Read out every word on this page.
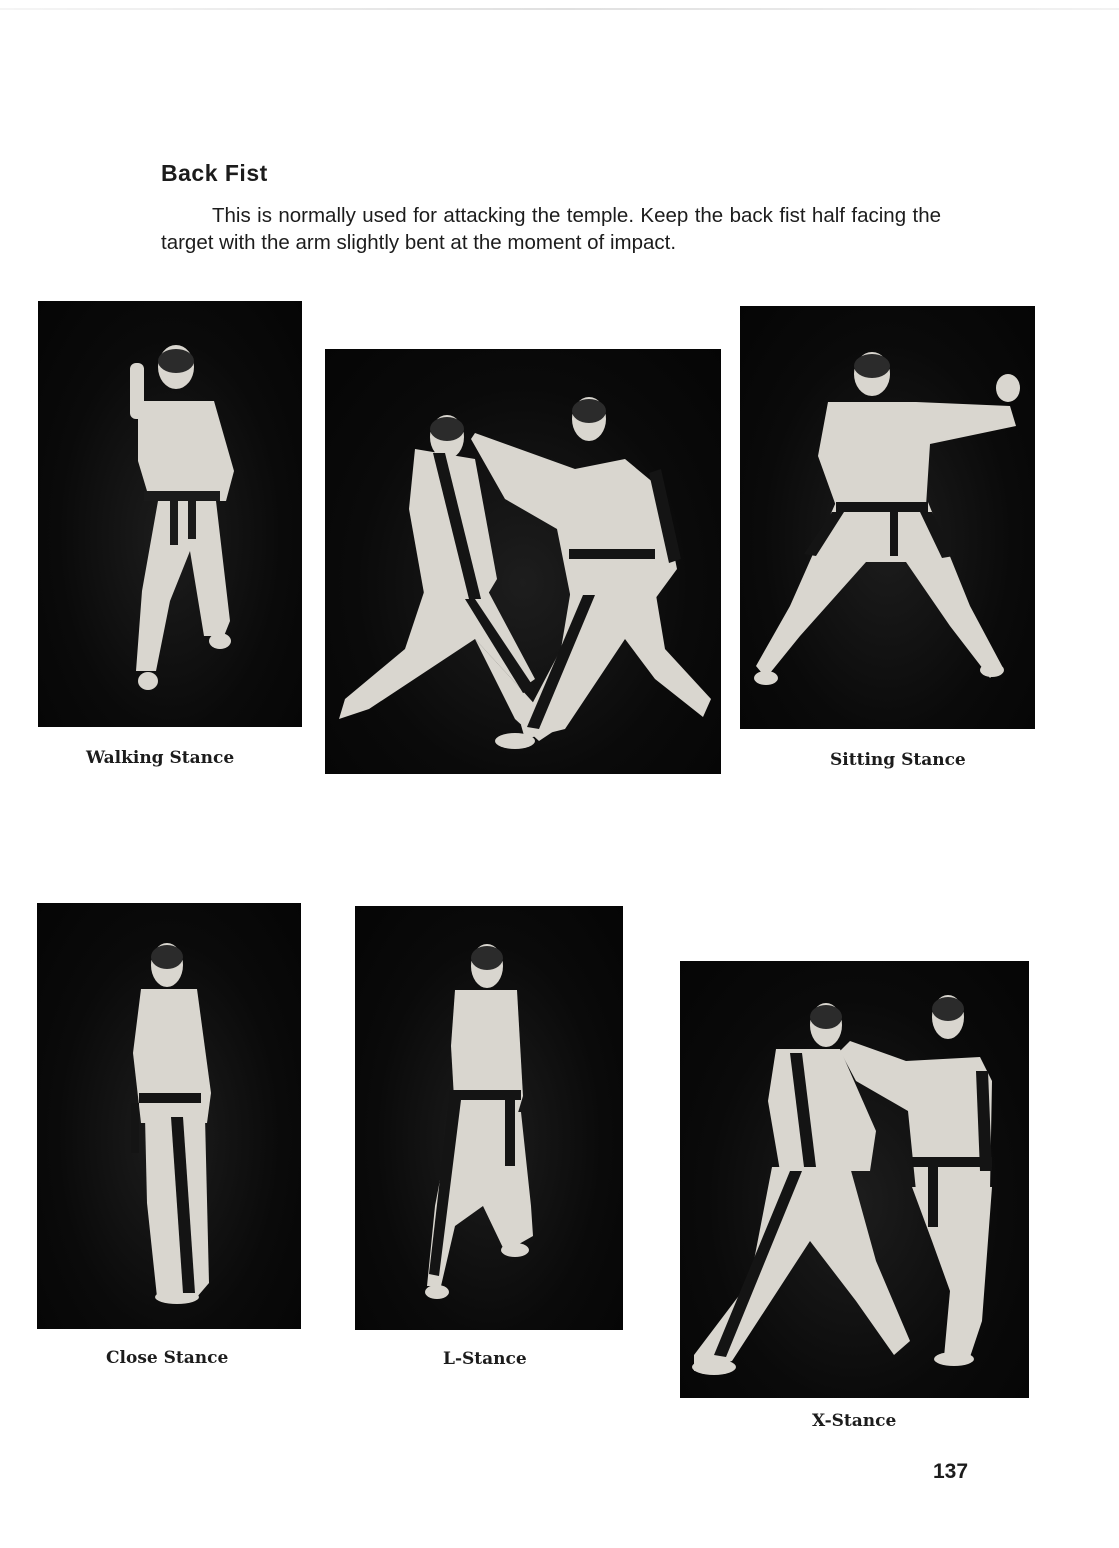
Back Fist

This is normally used for attacking the temple. Keep the back fist half facing the target with the arm slightly bent at the moment of impact.

Walking Stance	Sitting Stance
Close Stance	L-Stance
X-Stance
137
